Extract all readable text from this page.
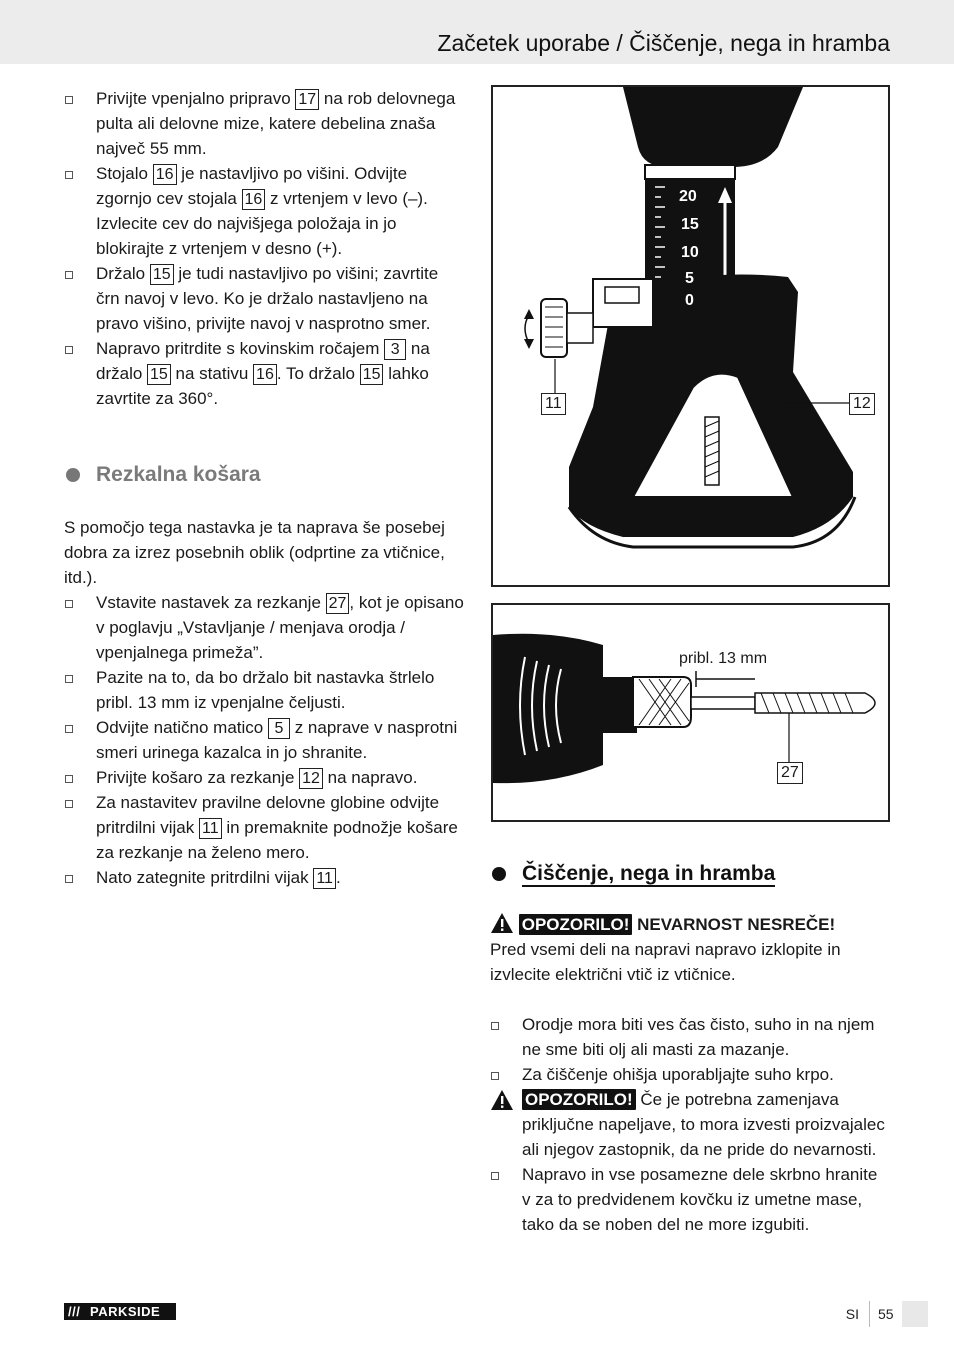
Začetek uporabe / Čiščenje, nega in hramba
Privijte vpenjalno pripravo 17 na rob delovnega pulta ali delovne mize, katere debelina znaša največ 55 mm.
Stojalo 16 je nastavljivo po višini. Odvijte zgornjo cev stojala 16 z vrtenjem v levo (–). Izvlecite cev do najvišjega položaja in jo blokirajte z vrtenjem v desno (+).
Držalo 15 je tudi nastavljivo po višini; zavrtite črn navoj v levo. Ko je držalo nastavljeno na pravo višino, privijte navoj v nasprotno smer.
Napravo pritrdite s kovinskim ročajem 3 na držalo 15 na stativu 16 . To držalo 15 lahko zavrtite za 360°.
Rezkalna košara

S pomočjo tega nastavka je ta naprava še posebej dobra za izrez posebnih oblik (odprtine za vtičnice, itd.).

Vstavite nastavek za rezkanje 27 , kot je opisano v poglavju „Vstavljanje / menjava orodja / vpenjalnega primeža”.
Pazite na to, da bo držalo bit nastavka štrlelo pribl. 13 mm iz vpenjalne čeljusti.
Odvijte natično matico 5 z naprave v nasprotni smeri urinega kazalca in jo shranite.
Privijte košaro za rezkanje 12 na napravo.
Za nastavitev pravilne delovne globine odvijte pritrdilni vijak 11 in premaknite podnožje košare za rezkanje na želeno mero.
Nato zategnite pritrdilni vijak 11 .
20
15
10
5
0
11	12
pribl. 13 mm
27
Čiščenje, nega in hramba
OPOZORILO! NEVARNOST NESREČE!

Pred vsemi deli na napravi napravo izklopite in izvlecite električni vtič iz vtičnice.

Orodje mora biti ves čas čisto, suho in na njem ne sme biti olj ali masti za mazanje.
Za čiščenje ohišja uporabljajte suho krpo.
OPOZORILO! Če je potrebna zamenjava priključne napeljave, to mora izvesti proizvajalec ali njegov zastopnik, da ne pride do nevarnosti.
Napravo in vse posamezne dele skrbno hranite v za to predvidenem kovčku iz umetne mase, tako da se noben del ne more izgubiti.
/// PARKSIDE	SI 55
